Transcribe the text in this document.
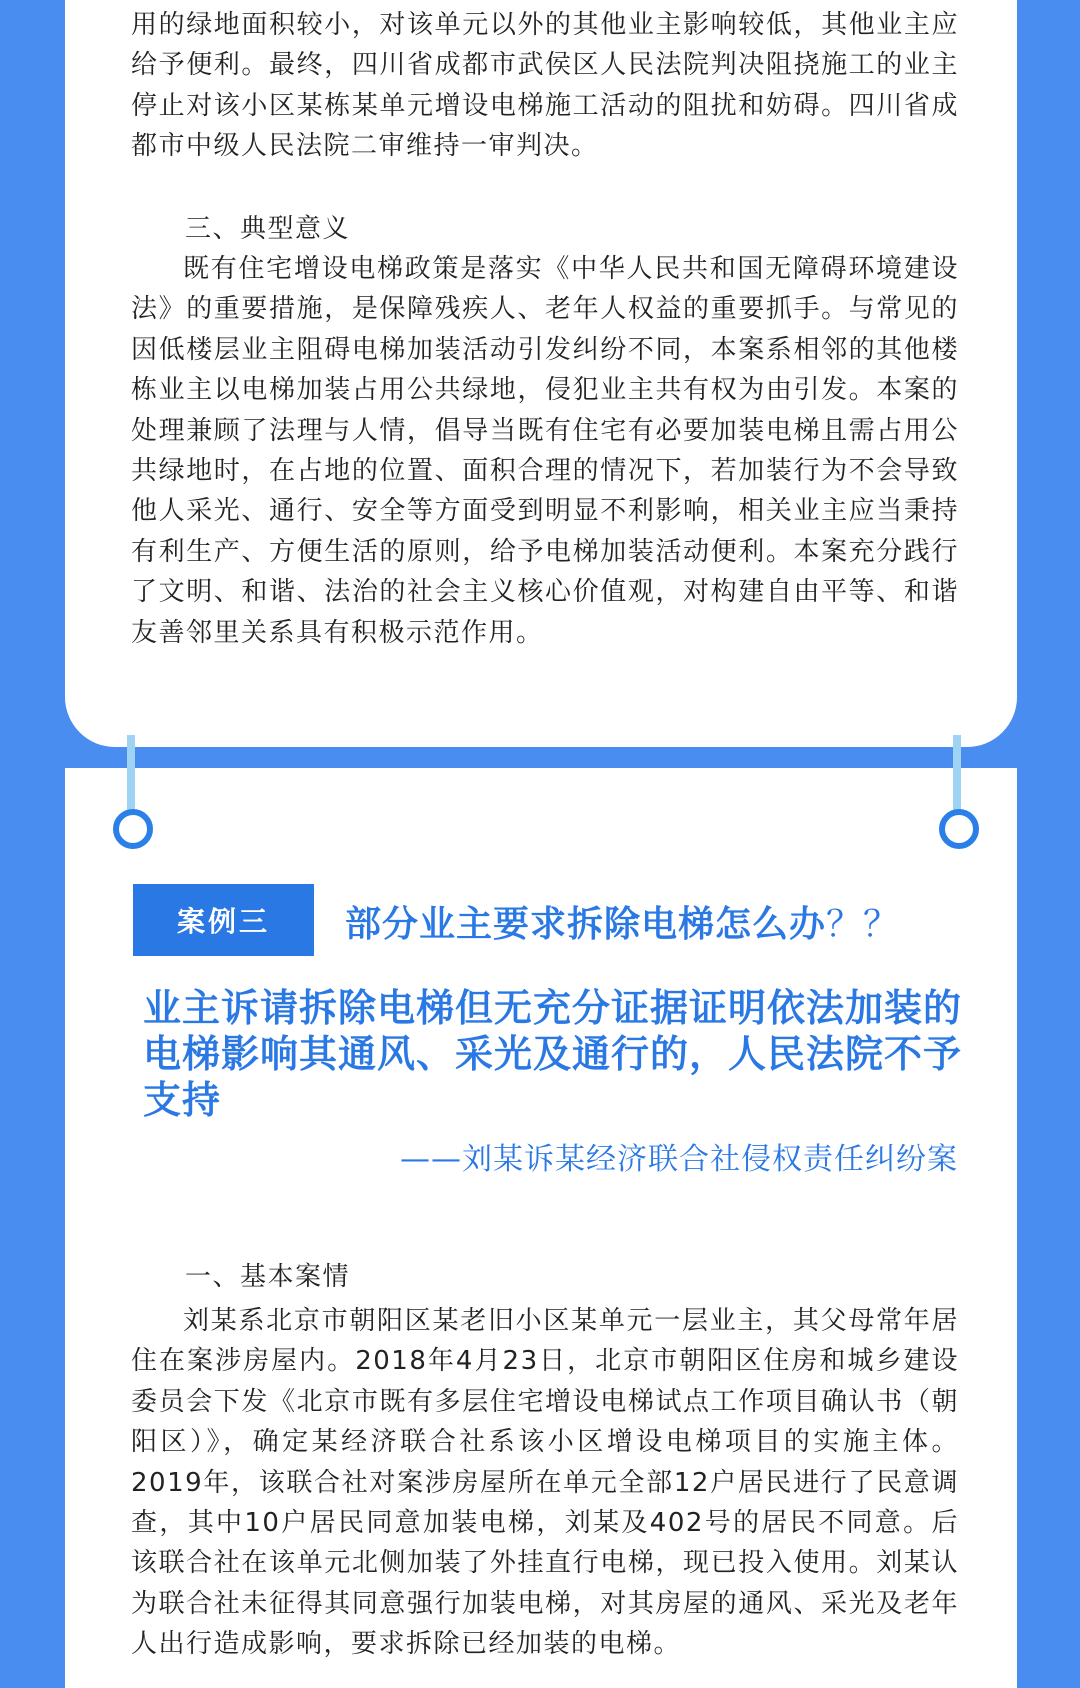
用的绿地面积较小，对该单元以外的其他业主影响较低，其他业主应给予便利。最终，四川省成都市武侯区人民法院判决阻挠施工的业主停止对该小区某栋某单元增设电梯施工活动的阻扰和妨碍。四川省成都市中级人民法院二审维持一审判决。
三、典型意义
既有住宅增设电梯政策是落实《中华人民共和国无障碍环境建设法》的重要措施，是保障残疾人、老年人权益的重要抓手。与常见的因低楼层业主阻碍电梯加装活动引发纠纷不同，本案系相邻的其他楼栋业主以电梯加装占用公共绿地，侵犯业主共有权为由引发。本案的处理兼顾了法理与人情，倡导当既有住宅有必要加装电梯且需占用公共绿地时，在占地的位置、面积合理的情况下，若加装行为不会导致他人采光、通行、安全等方面受到明显不利影响，相关业主应当秉持有利生产、方便生活的原则，给予电梯加装活动便利。本案充分践行了文明、和谐、法治的社会主义核心价值观，对构建自由平等、和谐友善邻里关系具有积极示范作用。
案例三	部分业主要求拆除电梯怎么办？？
业主诉请拆除电梯但无充分证据证明依法加装的电梯影响其通风、采光及通行的，人民法院不予支持
——刘某诉某经济联合社侵权责任纠纷案
一、基本案情
刘某系北京市朝阳区某老旧小区某单元一层业主，其父母常年居住在案涉房屋内。2018年4月23日，北京市朝阳区住房和城乡建设委员会下发《北京市既有多层住宅增设电梯试点工作项目确认书（朝阳区）》，确定某经济联合社系该小区增设电梯项目的实施主体。2019年，该联合社对案涉房屋所在单元全部12户居民进行了民意调查，其中10户居民同意加装电梯，刘某及402号的居民不同意。后该联合社在该单元北侧加装了外挂直行电梯，现已投入使用。刘某认为联合社未征得其同意强行加装电梯，对其房屋的通风、采光及老年人出行造成影响，要求拆除已经加装的电梯。
